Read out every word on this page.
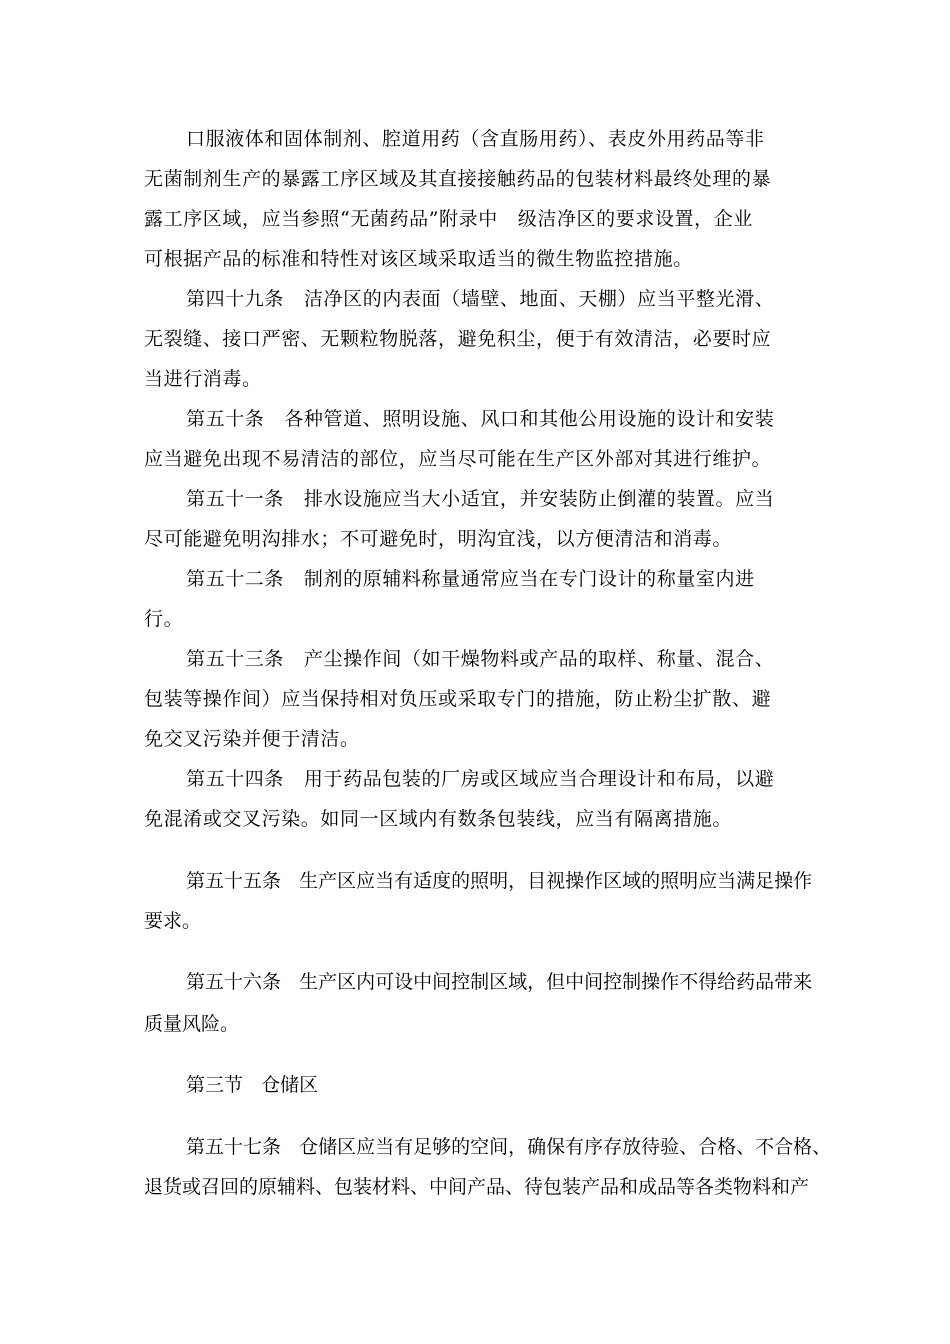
口服液体和固体制剂、腔道用药（含直肠用药）、表皮外用药品等非
无菌制剂生产的暴露工序区域及其直接接触药品的包装材料最终处理的暴
露工序区域，应当参照“无菌药品”附录中   级洁净区的要求设置，企业
可根据产品的标准和特性对该区域采取适当的微生物监控措施。
第四十九条   洁净区的内表面（墙壁、地面、天棚）应当平整光滑、
无裂缝、接口严密、无颗粒物脱落，避免积尘，便于有效清洁，必要时应
当进行消毒。
第五十条   各种管道、照明设施、风口和其他公用设施的设计和安装
应当避免出现不易清洁的部位，应当尽可能在生产区外部对其进行维护。
第五十一条   排水设施应当大小适宜，并安装防止倒灌的装置。应当
尽可能避免明沟排水；不可避免时，明沟宜浅，以方便清洁和消毒。
第五十二条   制剂的原辅料称量通常应当在专门设计的称量室内进
行。
第五十三条   产尘操作间（如干燥物料或产品的取样、称量、混合、
包装等操作间）应当保持相对负压或采取专门的措施，防止粉尘扩散、避
免交叉污染并便于清洁。
第五十四条   用于药品包装的厂房或区域应当合理设计和布局，以避
免混淆或交叉污染。如同一区域内有数条包装线，应当有隔离措施。
第五十五条   生产区应当有适度的照明，目视操作区域的照明应当满足操作
要求。
第五十六条   生产区内可设中间控制区域，但中间控制操作不得给药品带来
质量风险。
第三节   仓储区
第五十七条   仓储区应当有足够的空间，确保有序存放待验、合格、不合格、
退货或召回的原辅料、包装材料、中间产品、待包装产品和成品等各类物料和产
